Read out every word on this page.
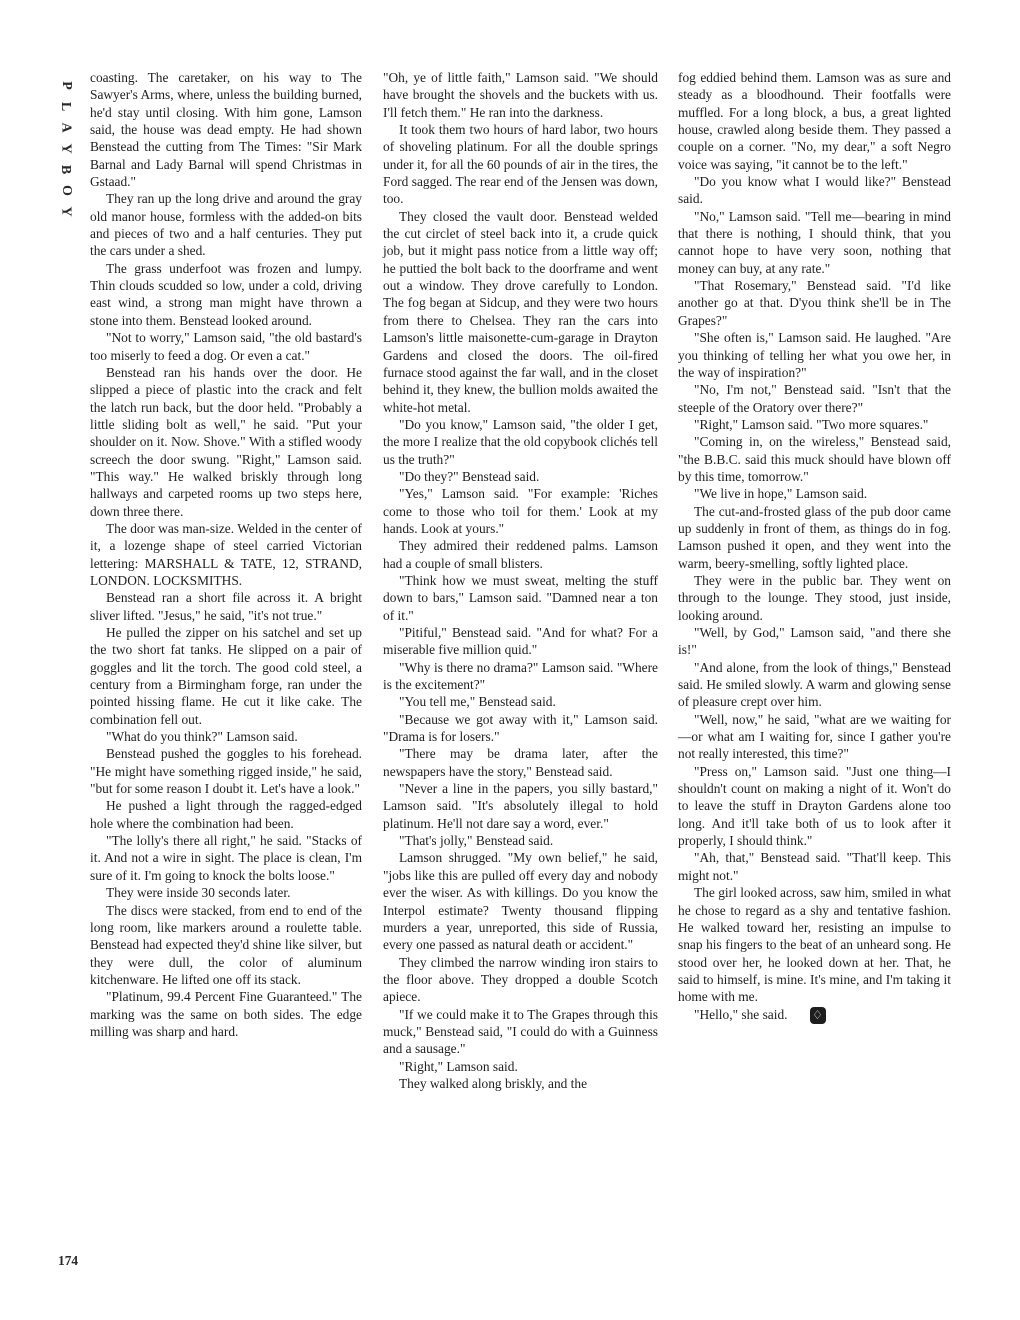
P
L
A
Y
B
O
Y

coasting. The caretaker, on his way to The Sawyer's Arms, where, unless the building burned, he'd stay until closing. With him gone, Lamson said, the house was dead empty. He had shown Benstead the cutting from The Times: "Sir Mark Barnal and Lady Barnal will spend Christmas in Gstaad."

They ran up the long drive and around the gray old manor house, formless with the added-on bits and pieces of two and a half centuries. They put the cars under a shed.

The grass underfoot was frozen and lumpy. Thin clouds scudded so low, under a cold, driving east wind, a strong man might have thrown a stone into them. Benstead looked around.

"Not to worry," Lamson said, "the old bastard's too miserly to feed a dog. Or even a cat."

Benstead ran his hands over the door. He slipped a piece of plastic into the crack and felt the latch run back, but the door held. "Probably a little sliding bolt as well," he said. "Put your shoulder on it. Now. Shove." With a stifled woody screech the door swung. "Right," Lamson said. "This way." He walked briskly through long hallways and carpeted rooms up two steps here, down three there.

The door was man-size. Welded in the center of it, a lozenge shape of steel carried Victorian lettering: MARSHALL & TATE, 12, STRAND, LONDON. LOCKSMITHS.

Benstead ran a short file across it. A bright sliver lifted. "Jesus," he said, "it's not true."

He pulled the zipper on his satchel and set up the two short fat tanks. He slipped on a pair of goggles and lit the torch. The good cold steel, a century from a Birmingham forge, ran under the pointed hissing flame. He cut it like cake. The combination fell out.

"What do you think?" Lamson said.

Benstead pushed the goggles to his forehead. "He might have something rigged inside," he said, "but for some reason I doubt it. Let's have a look."

He pushed a light through the ragged-edged hole where the combination had been.

"The lolly's there all right," he said. "Stacks of it. And not a wire in sight. The place is clean, I'm sure of it. I'm going to knock the bolts loose."

They were inside 30 seconds later.

The discs were stacked, from end to end of the long room, like markers around a roulette table. Benstead had expected they'd shine like silver, but they were dull, the color of aluminum kitchenware. He lifted one off its stack.

"Platinum, 99.4 Percent Fine Guaranteed." The marking was the same on both sides. The edge milling was sharp and hard.

"Oh, ye of little faith," Lamson said. "We should have brought the shovels and the buckets with us. I'll fetch them." He ran into the darkness.

It took them two hours of hard labor, two hours of shoveling platinum. For all the double springs under it, for all the 60 pounds of air in the tires, the Ford sagged. The rear end of the Jensen was down, too.

They closed the vault door. Benstead welded the cut circlet of steel back into it, a crude quick job, but it might pass notice from a little way off; he puttied the bolt back to the doorframe and went out a window. They drove carefully to London. The fog began at Sidcup, and they were two hours from there to Chelsea. They ran the cars into Lamson's little maisonette-cum-garage in Drayton Gardens and closed the doors. The oil-fired furnace stood against the far wall, and in the closet behind it, they knew, the bullion molds awaited the white-hot metal.

"Do you know," Lamson said, "the older I get, the more I realize that the old copybook clichés tell us the truth?"

"Do they?" Benstead said.

"Yes," Lamson said. "For example: 'Riches come to those who toil for them.' Look at my hands. Look at yours."

They admired their reddened palms. Lamson had a couple of small blisters.

"Think how we must sweat, melting the stuff down to bars," Lamson said. "Damned near a ton of it."

"Pitiful," Benstead said. "And for what? For a miserable five million quid."

"Why is there no drama?" Lamson said. "Where is the excitement?"

"You tell me," Benstead said.

"Because we got away with it," Lamson said. "Drama is for losers."

"There may be drama later, after the newspapers have the story," Benstead said.

"Never a line in the papers, you silly bastard," Lamson said. "It's absolutely illegal to hold platinum. He'll not dare say a word, ever."

"That's jolly," Benstead said.

Lamson shrugged. "My own belief," he said, "jobs like this are pulled off every day and nobody ever the wiser. As with killings. Do you know the Interpol estimate? Twenty thousand flipping murders a year, unreported, this side of Russia, every one passed as natural death or accident."

They climbed the narrow winding iron stairs to the floor above. They dropped a double Scotch apiece.

"If we could make it to The Grapes through this muck," Benstead said, "I could do with a Guinness and a sausage."

"Right," Lamson said.

They walked along briskly, and the

fog eddied behind them. Lamson was as sure and steady as a bloodhound. Their footfalls were muffled. For a long block, a bus, a great lighted house, crawled along beside them. They passed a couple on a corner. "No, my dear," a soft Negro voice was saying, "it cannot be to the left."

"Do you know what I would like?" Benstead said.

"No," Lamson said. "Tell me—bearing in mind that there is nothing, I should think, that you cannot hope to have very soon, nothing that money can buy, at any rate."

"That Rosemary," Benstead said. "I'd like another go at that. D'you think she'll be in The Grapes?"

"She often is," Lamson said. He laughed. "Are you thinking of telling her what you owe her, in the way of inspiration?"

"No, I'm not," Benstead said. "Isn't that the steeple of the Oratory over there?"

"Right," Lamson said. "Two more squares."

"Coming in, on the wireless," Benstead said, "the B.B.C. said this muck should have blown off by this time, tomorrow."

"We live in hope," Lamson said.

The cut-and-frosted glass of the pub door came up suddenly in front of them, as things do in fog. Lamson pushed it open, and they went into the warm, beery-smelling, softly lighted place.

They were in the public bar. They went on through to the lounge. They stood, just inside, looking around.

"Well, by God," Lamson said, "and there she is!"

"And alone, from the look of things," Benstead said. He smiled slowly. A warm and glowing sense of pleasure crept over him.

"Well, now," he said, "what are we waiting for—or what am I waiting for, since I gather you're not really interested, this time?"

"Press on," Lamson said. "Just one thing—I shouldn't count on making a night of it. Won't do to leave the stuff in Drayton Gardens alone too long. And it'll take both of us to look after it properly, I should think."

"Ah, that," Benstead said. "That'll keep. This might not."

The girl looked across, saw him, smiled in what he chose to regard as a shy and tentative fashion. He walked toward her, resisting an impulse to snap his fingers to the beat of an unheard song. He stood over her, he looked down at her. That, he said to himself, is mine. It's mine, and I'm taking it home with me.

"Hello," she said. ♢

174
